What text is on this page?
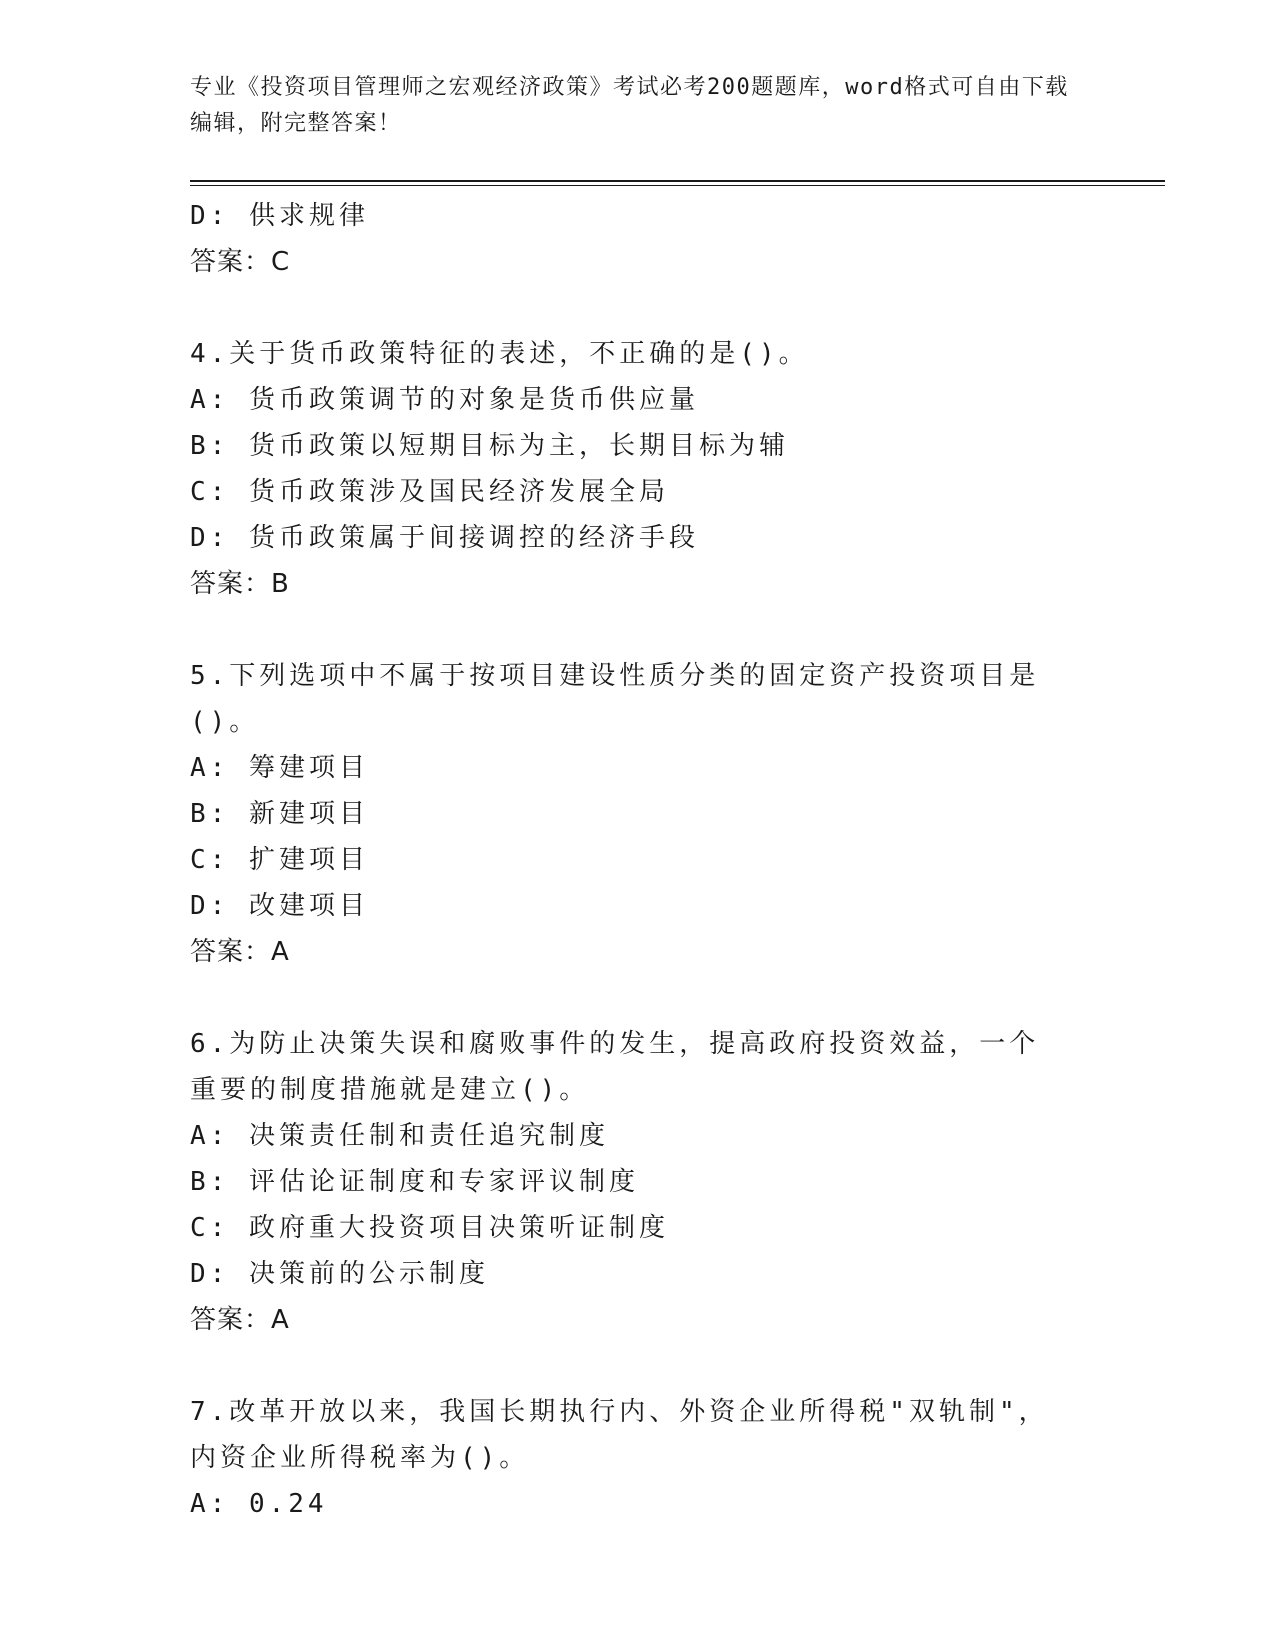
专业《投资项目管理师之宏观经济政策》考试必考200题题库，word格式可自由下载编辑，附完整答案！
D: 供求规律
答案：C
4.关于货币政策特征的表述，不正确的是()。
A: 货币政策调节的对象是货币供应量
B: 货币政策以短期目标为主，长期目标为辅
C: 货币政策涉及国民经济发展全局
D: 货币政策属于间接调控的经济手段
答案：B
5.下列选项中不属于按项目建设性质分类的固定资产投资项目是()。
A: 筹建项目
B: 新建项目
C: 扩建项目
D: 改建项目
答案：A
6.为防止决策失误和腐败事件的发生，提高政府投资效益，一个重要的制度措施就是建立()。
A: 决策责任制和责任追究制度
B: 评估论证制度和专家评议制度
C: 政府重大投资项目决策听证制度
D: 决策前的公示制度
答案：A
7.改革开放以来，我国长期执行内、外资企业所得税"双轨制"，内资企业所得税率为()。
A: 0.24
